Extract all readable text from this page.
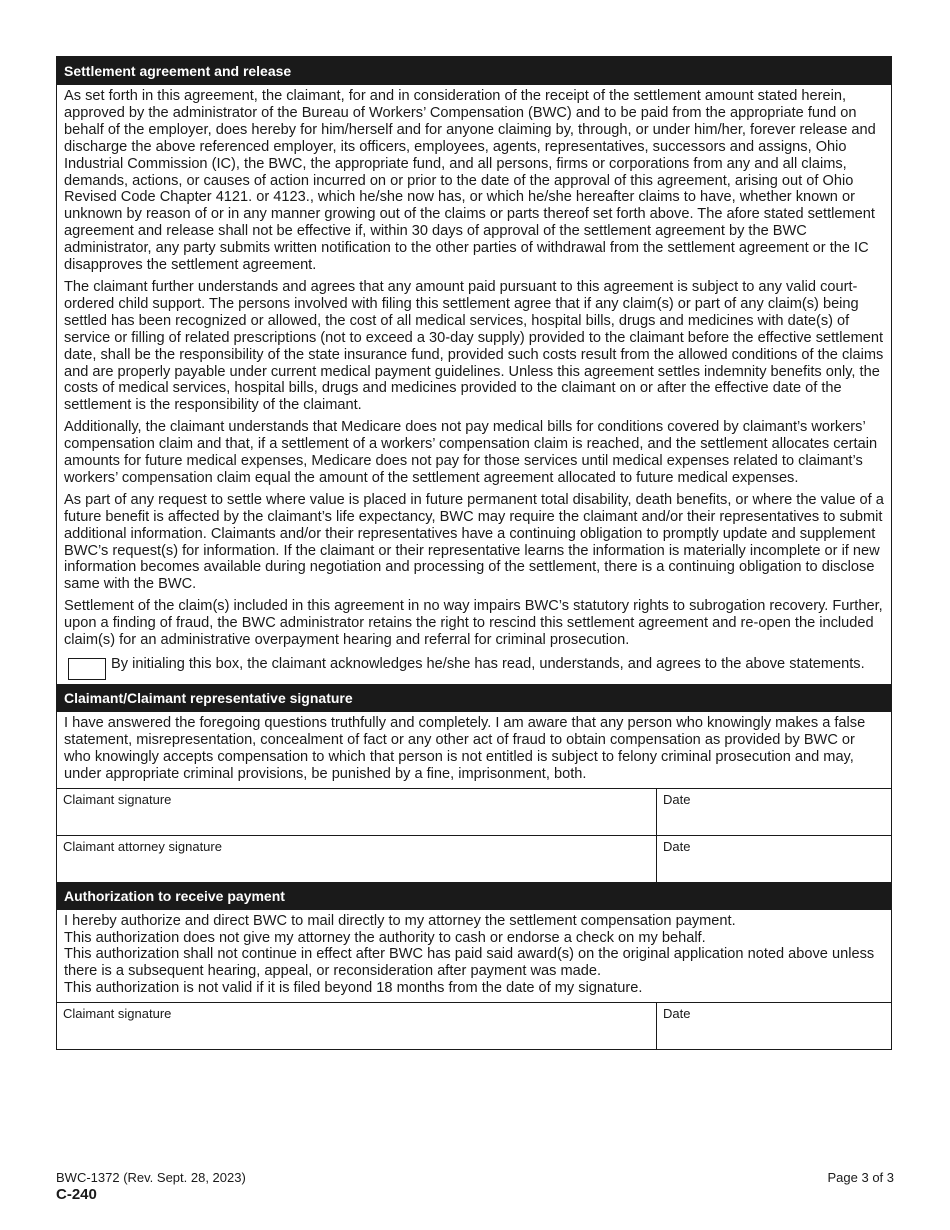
Settlement agreement and release

As set forth in this agreement, the claimant, for and in consideration of the receipt of the settlement amount stated herein, approved by the administrator of the Bureau of Workers’ Compensation (BWC) and to be paid from the appropriate fund on behalf of the employer, does hereby for him/herself and for anyone claiming by, through, or under him/her, forever release and discharge the above referenced employer, its officers, employees, agents, representatives, successors and assigns, Ohio Industrial Commission (IC), the BWC, the appropriate fund, and all persons, firms or corporations from any and all claims, demands, actions, or causes of action incurred on or prior to the date of the approval of this agreement, arising out of Ohio Revised Code Chapter 4121. or 4123., which he/she now has, or which he/she hereafter claims to have, whether known or unknown by reason of or in any manner growing out of the claims or parts thereof set forth above. The afore stated settlement agreement and release shall not be effective if, within 30 days of approval of the settlement agreement by the BWC administrator, any party submits written notification to the other parties of withdrawal from the settlement agreement or the IC disapproves the settlement agreement.

The claimant further understands and agrees that any amount paid pursuant to this agreement is subject to any valid court-ordered child support. The persons involved with filing this settlement agree that if any claim(s) or part of any claim(s) being settled has been recognized or allowed, the cost of all medical services, hospital bills, drugs and medicines with date(s) of service or filling of related prescriptions (not to exceed a 30-day supply) provided to the claimant before the effective settlement date, shall be the responsibility of the state insurance fund, provided such costs result from the allowed conditions of the claims and are properly payable under current medical payment guidelines. Unless this agreement settles indemnity benefits only, the costs of medical services, hospital bills, drugs and medicines provided to the claimant on or after the effective date of the settlement is the responsibility of the claimant.

Additionally, the claimant understands that Medicare does not pay medical bills for conditions covered by claimant’s workers’ compensation claim and that, if a settlement of a workers’ compensation claim is reached, and the settlement allocates certain amounts for future medical expenses, Medicare does not pay for those services until medical expenses related to claimant’s workers’ compensation claim equal the amount of the settlement agreement allocated to future medical expenses.

As part of any request to settle where value is placed in future permanent total disability, death benefits, or where the value of a future benefit is affected by the claimant’s life expectancy, BWC may require the claimant and/or their representatives to submit additional information. Claimants and/or their representatives have a continuing obligation to promptly update and supplement BWC’s request(s) for information. If the claimant or their representative learns the information is materially incomplete or if new information becomes available during negotiation and processing of the settlement, there is a continuing obligation to disclose same with the BWC.

Settlement of the claim(s) included in this agreement in no way impairs BWC’s statutory rights to subrogation recovery. Further, upon a finding of fraud, the BWC administrator retains the right to rescind this settlement agreement and re-open the included claim(s) for an administrative overpayment hearing and referral for criminal prosecution.

By initialing this box, the claimant acknowledges he/she has read, understands, and agrees to the above statements.
Claimant/Claimant representative signature
I have answered the foregoing questions truthfully and completely. I am aware that any person who knowingly makes a false statement, misrepresentation, concealment of fact or any other act of fraud to obtain compensation as provided by BWC or who knowingly accepts compensation to which that person is not entitled is subject to felony criminal prosecution and may, under appropriate criminal provisions, be punished by a fine, imprisonment, both.
Claimant signature	Date
Claimant attorney signature	Date
Authorization to receive payment
I hereby authorize and direct BWC to mail directly to my attorney the settlement compensation payment.
This authorization does not give my attorney the authority to cash or endorse a check on my behalf.
This authorization shall not continue in effect after BWC has paid said award(s) on the original application noted above unless there is a subsequent hearing, appeal, or reconsideration after payment was made.
This authorization is not valid if it is filed beyond 18 months from the date of my signature.
Claimant signature	Date
BWC-1372 (Rev. Sept. 28, 2023)
C-240
Page 3 of 3
